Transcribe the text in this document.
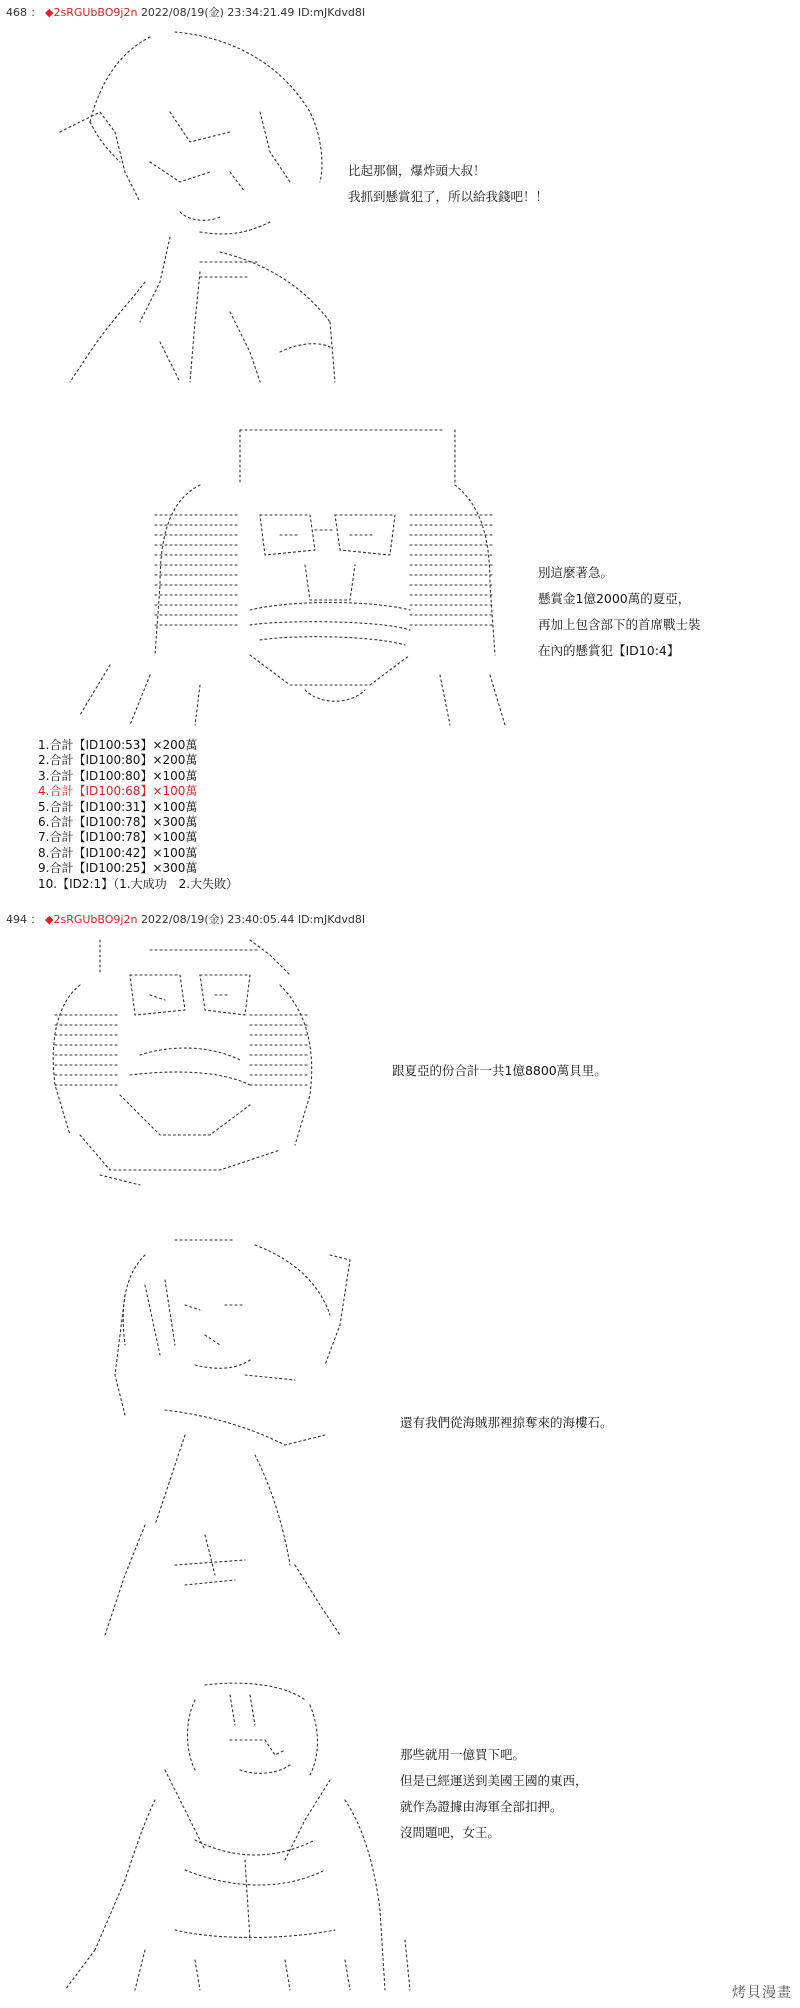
468 ： ◆2sRGUbBO9j2n 2022/08/19(金) 23:34:21.49 ID:mJKdvd8I
比起那個，爆炸頭大叔！
我抓到懸賞犯了，所以給我錢吧！！
別這麼著急。
懸賞金1億2000萬的夏亞，
再加上包含部下的首席戰士裝
在內的懸賞犯【ID10:4】
1.合計【ID100:53】×200萬
2.合計【ID100:80】×200萬
3.合計【ID100:80】×100萬
4.合計【ID100:68】×100萬
5.合計【ID100:31】×100萬
6.合計【ID100:78】×300萬
7.合計【ID100:78】×100萬
8.合計【ID100:42】×100萬
9.合計【ID100:25】×300萬
10.【ID2:1】（1.大成功　2.大失敗）
494 ： ◆2sRGUbBO9j2n 2022/08/19(金) 23:40:05.44 ID:mJKdvd8I
跟夏亞的份合計一共1億8800萬貝里。
還有我們從海賊那裡掠奪來的海樓石。
那些就用一億買下吧。
但是已經運送到美國王國的東西，
就作為證據由海軍全部扣押。
沒問題吧，女王。
烤貝漫畫
